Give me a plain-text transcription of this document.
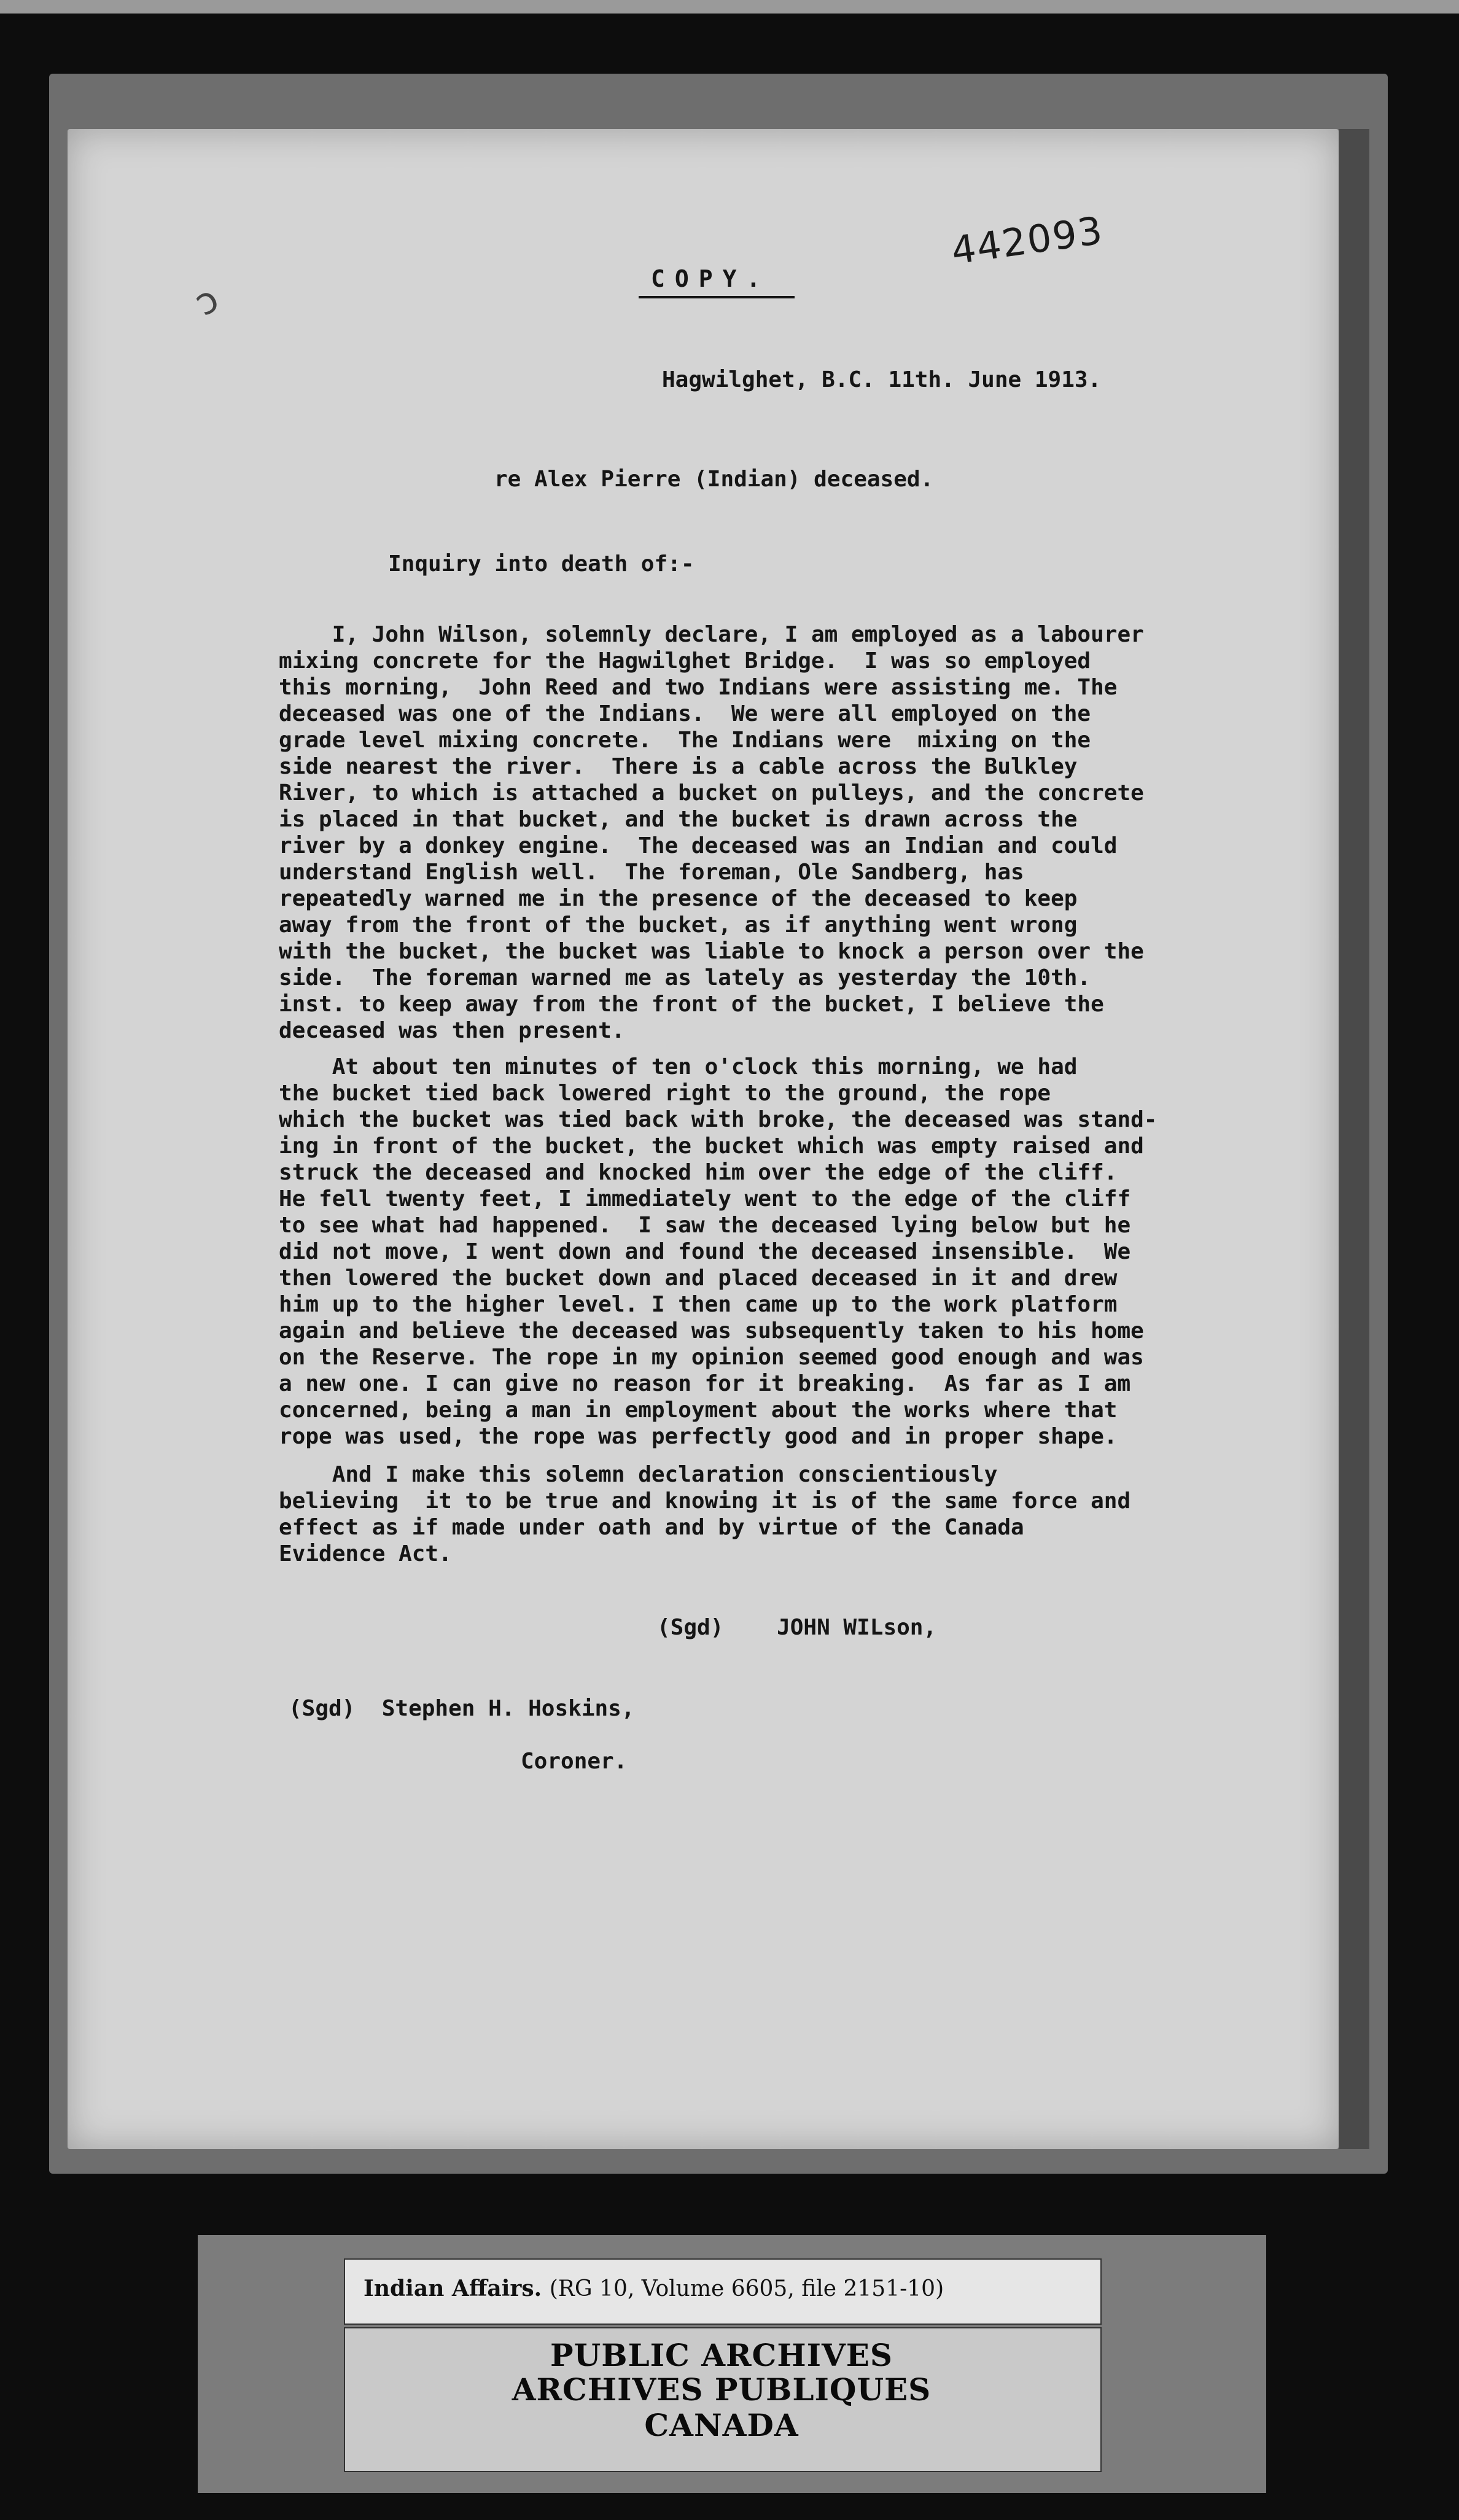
ↄ	COPY.
442093
Hagwilghet, B.C. 11th. June 1913.
re Alex Pierre (Indian) deceased.
Inquiry into death of:-
I, John Wilson, solemnly declare, I am employed as a labourer
mixing concrete for the Hagwilghet Bridge.  I was so employed
this morning,  John Reed and two Indians were assisting me. The
deceased was one of the Indians.  We were all employed on the
grade level mixing concrete.  The Indians were  mixing on the
side nearest the river.  There is a cable across the Bulkley
River, to which is attached a bucket on pulleys, and the concrete
is placed in that bucket, and the bucket is drawn across the
river by a donkey engine.  The deceased was an Indian and could
understand English well.  The foreman, Ole Sandberg, has
repeatedly warned me in the presence of the deceased to keep
away from the front of the bucket, as if anything went wrong
with the bucket, the bucket was liable to knock a person over the
side.  The foreman warned me as lately as yesterday the 10th.
inst. to keep away from the front of the bucket, I believe the
deceased was then present.
At about ten minutes of ten o'clock this morning, we had
the bucket tied back lowered right to the ground, the rope
which the bucket was tied back with broke, the deceased was stand-
ing in front of the bucket, the bucket which was empty raised and
struck the deceased and knocked him over the edge of the cliff.
He fell twenty feet, I immediately went to the edge of the cliff
to see what had happened.  I saw the deceased lying below but he
did not move, I went down and found the deceased insensible.  We
then lowered the bucket down and placed deceased in it and drew
him up to the higher level. I then came up to the work platform
again and believe the deceased was subsequently taken to his home
on the Reserve. The rope in my opinion seemed good enough and was
a new one. I can give no reason for it breaking.  As far as I am
concerned, being a man in employment about the works where that
rope was used, the rope was perfectly good and in proper shape.
And I make this solemn declaration conscientiously
believing  it to be true and knowing it is of the same force and
effect as if made under oath and by virtue of the Canada
Evidence Act.
(Sgd)    JOHN WILson,
(Sgd)  Stephen H. Hoskins,
Coroner.
Indian Affairs. (RG 10, Volume 6605, file 2151-10)
PUBLIC ARCHIVES
ARCHIVES PUBLIQUES
CANADA
